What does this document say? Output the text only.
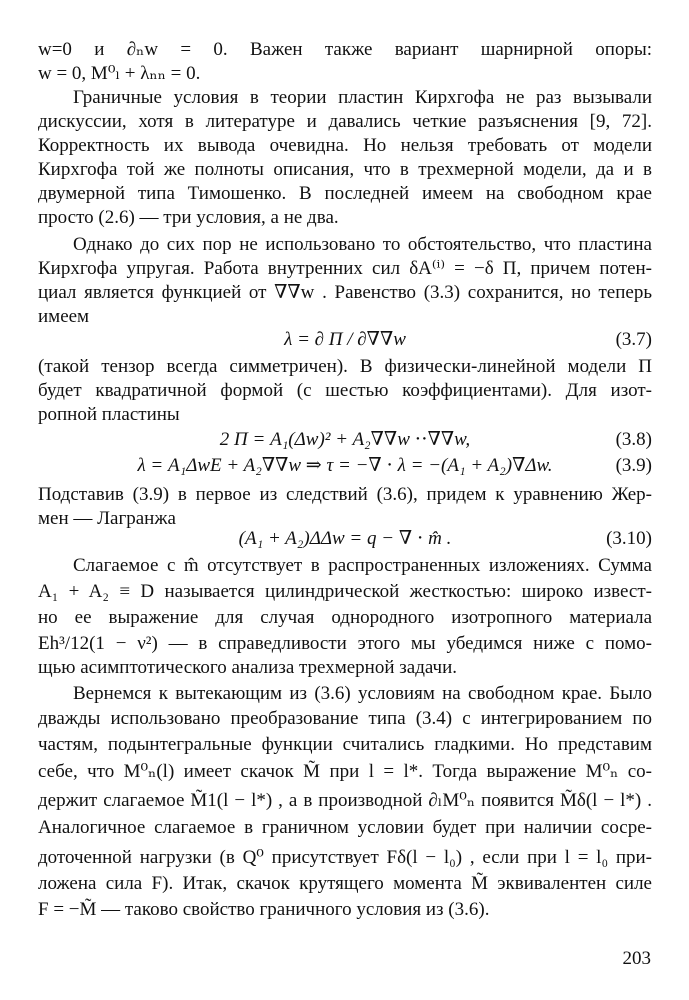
w=0 и ∂ₙw = 0. Важен также вариант шарнирной опоры:
w = 0, M⁰ₗ + λₙₙ = 0.
Граничные условия в теории пластин Кирхгофа не раз вызывали
дискуссии, хотя в литературе и давались четкие разъяснения [9, 72].
Корректность их вывода очевидна. Но нельзя требовать от модели
Кирхгофа той же полноты описания, что в трехмерной модели, да и в
двумерной типа Тимошенко. В последней имеем на свободном крае
просто (2.6) — три условия, а не два.
Однако до сих пор не использовано то обстоятельство, что пластина
Кирхгофа упругая. Работа внутренних сил δA⁽ⁱ⁾ = −δ Π, причем потен-
циал является функцией от ∇∇w . Равенство (3.3) сохранится, но теперь
имеем
λ = ∂ Π / ∂∇∇w	(3.7)
(такой тензор всегда симметричен). В физически-линейной модели Π
будет квадратичной формой (с шестью коэффициентами). Для изот-
ропной пластины
2 Π = A₁(Δw)² + A₂∇∇w ⋅⋅∇∇w,	(3.8)
λ = A₁ΔwE + A₂∇∇w ⇒ τ = −∇ ⋅ λ = −(A₁ + A₂)∇Δw.	(3.9)
Подставив (3.9) в первое из следствий (3.6), придем к уравнению Жер-
мен — Лагранжа
(A₁ + A₂)ΔΔw = q − ∇ ⋅ m̂ .	(3.10)
Слагаемое с m̂ отсутствует в распространенных изложениях. Сумма
A₁ + A₂ ≡ D называется цилиндрической жесткостью: широко извест-
но ее выражение для случая однородного изотропного материала
Eh³/12(1 − ν²) — в справедливости этого мы убедимся ниже с помо-
щью асимптотического анализа трехмерной задачи.
Вернемся к вытекающим из (3.6) условиям на свободном крае. Было
дважды использовано преобразование типа (3.4) с интегрированием по
частям, подынтегральные функции считались гладкими. Но представим
себе, что M⁰ₙ(l) имеет скачок M̃ при l = l*. Тогда выражение M⁰ₙ со-
держит слагаемое M̃1(l − l*) , а в производной ∂ₗM⁰ₙ появится M̃δ(l − l*) .
Аналогичное слагаемое в граничном условии будет при наличии сосре-
доточенной нагрузки (в Q⁰ присутствует Fδ(l − l₀) , если при l = l₀ при-
ложена сила F). Итак, скачок крутящего момента M̃ эквивалентен силе
F = −M̃ — таково свойство граничного условия из (3.6).
203
